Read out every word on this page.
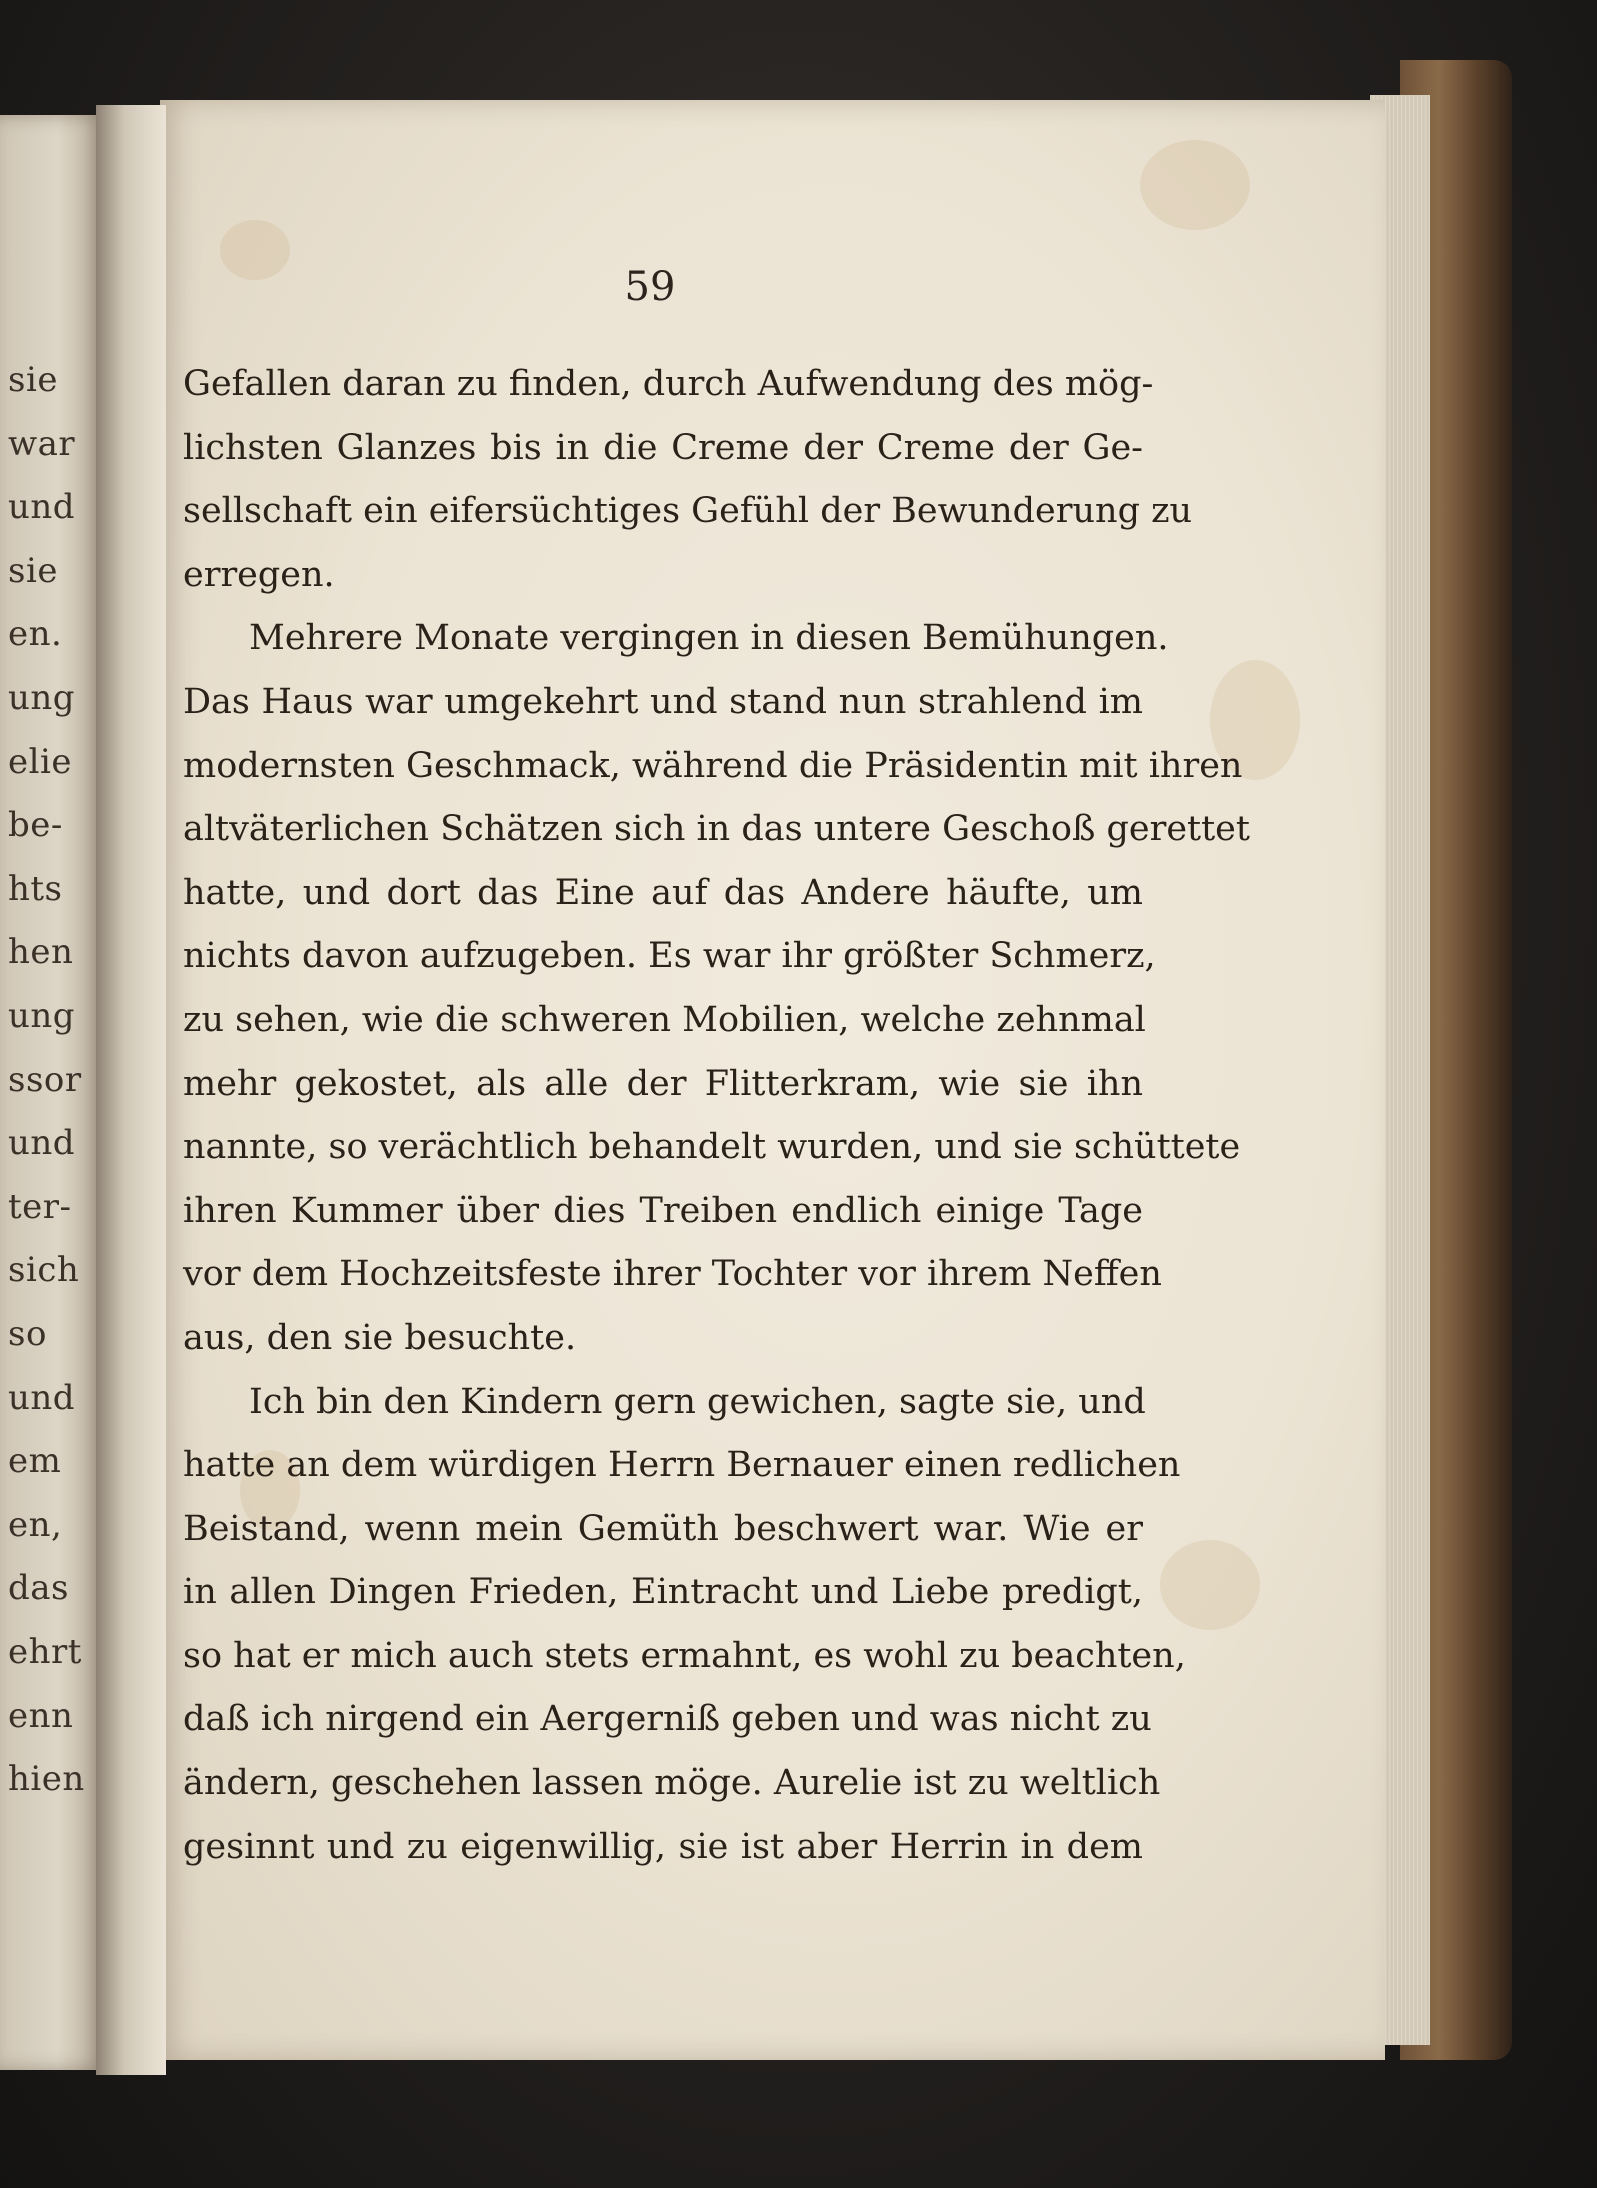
sie
war
und
sie
en.
ung
elie
be-
hts
hen
ung
ssor
und
ter-
sich
so
und
em
en,
das
ehrt
enn
hien
59
Gefallen daran zu finden, durch Aufwendung des mög-
lichsten Glanzes bis in die Creme der Creme der Ge-
sellschaft ein eifersüchtiges Gefühl der Bewunderung zu
erregen.
Mehrere Monate vergingen in diesen Bemühungen.
Das Haus war umgekehrt und stand nun strahlend im
modernsten Geschmack, während die Präsidentin mit ihren
altväterlichen Schätzen sich in das untere Geschoß gerettet
hatte, und dort das Eine auf das Andere häufte, um
nichts davon aufzugeben. Es war ihr größter Schmerz,
zu sehen, wie die schweren Mobilien, welche zehnmal
mehr gekostet, als alle der Flitterkram, wie sie ihn
nannte, so verächtlich behandelt wurden, und sie schüttete
ihren Kummer über dies Treiben endlich einige Tage
vor dem Hochzeitsfeste ihrer Tochter vor ihrem Neffen
aus, den sie besuchte.
Ich bin den Kindern gern gewichen, sagte sie, und
hatte an dem würdigen Herrn Bernauer einen redlichen
Beistand, wenn mein Gemüth beschwert war. Wie er
in allen Dingen Frieden, Eintracht und Liebe predigt,
so hat er mich auch stets ermahnt, es wohl zu beachten,
daß ich nirgend ein Aergerniß geben und was nicht zu
ändern, geschehen lassen möge. Aurelie ist zu weltlich
gesinnt und zu eigenwillig, sie ist aber Herrin in dem
